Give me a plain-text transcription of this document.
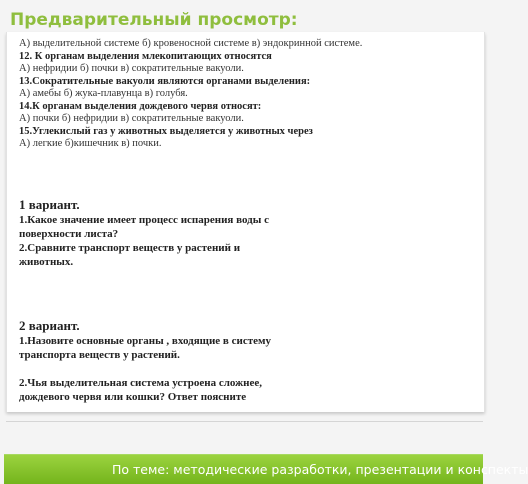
Предварительный просмотр:

А) выделительной системе б) кровеносной системе в) эндокринной системе.

12. К органам выделения млекопитающих относятся

А) нефридии б) почки в) сократительные вакуоли.

13.Сократительные вакуоли являются органами выделения:

А) амебы б) жука-плавунца в) голубя.

14.К органам выделения дождевого червя относят:

А) почки б) нефридии в) сократительные вакуоли.

15.Углекислый газ у животных выделяется у животных через

А) легкие б)кишечник в) почки.

1 вариант.

1.Какое значение имеет процесс испарения воды с

поверхности листа?

2.Сравните транспорт веществ у растений и

животных.

2 вариант.

1.Назовите основные органы , входящие в систему

транспорта веществ у растений.

2.Чья выделительная система устроена сложнее,

дождевого червя или кошки? Ответ поясните

По теме: методические разработки, презентации и конспекты
